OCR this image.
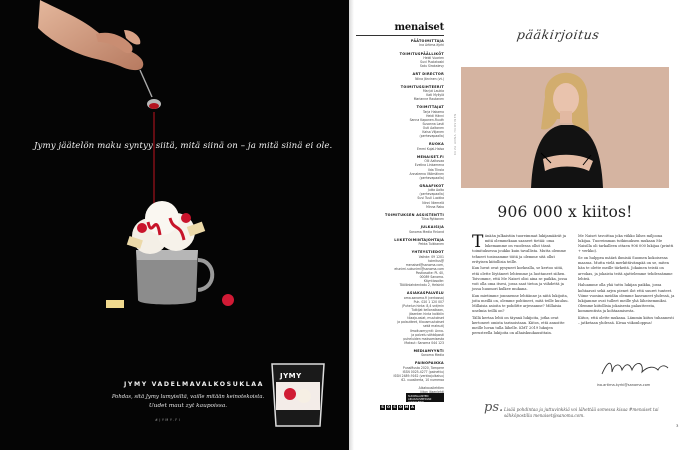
Jymy jäätelön maku syntyy siitä, mitä siinä on – ja mitä siinä ei ole.
JYMY VADELMAVALKOSUKLAA
Pohdas, sitä Jymy lumyisiltä, vaille mitään keinotekoista.
Uudet maut zyt kaupoissa.
#JYMY.FI
JYMY
menaiset
PÄÄTOIMITTAJA
Ina Artima-Kyrki
TOIMITUSPÄÄLLIKÖT
Heidi Vuorien
Suvi Puolakoski
Satu Sirakalevy
ART DIRECTOR
Niina Järvinen (vt.)
TOIMITUSSIHTEERIT
Marjut Laukia
Kati Myllylä
Marianne Rautanen
TOIMITTAJAT
Tarja Hakamo
Heidi Hänni
Sanna Kaponen-Ruuth
Susanna Lasti
Outi Aaltonen
Kaisa Viljanen
(perhevapaalla)
RUOKA
Emmi Kujal-Halsa
MENAISET.FI
Olli Aaltovaa
Evelina Linkamena
Ilda Tiirola
Annaleena Välimäinen
(perhevapaalla)
GRAAFIKOT
Jutta Aalto
(perhevapaalla)
Suvi Tuuli Luokka
Ninni Niemelä
Minna Rako
TOIMITUKSEN ASSISTENTTI
Tiina Rytkonen
JULKAISIJA
Sanoma Media Finland
LIIKETOIMINTAJOHTAJA
Pekka Tuikkanen
YHTEYSTIEDOT
Vaihde: 09 1201
toimitus@
menaiset@sanoma.com,
etunimi.sukunimi@sanoma.com
Postiosoite: PL 40,
00089 Sanoma.
Käyntiosoite:
Töölönlahdenkatu 2, Helsinki
ASIAKASPALVELU
oma.sanoma.fi (verkossa)
Puh. 020 1 120 007
(Puhelun hinta: 8,4 snt/min
Tutkijat kellonaikaan,
jäsenten hinta kaikkiin
tilaaja-asiat, muutokset
ja palautteet, tilausmuutokset
sekä maksut)
Ilmoitusmyynti: Anna-
ja palvelu sähköposti
puheluiden maksamisesta
Maksut: Sanoma 044 123
MEDIAMYYNTI
Sanoma Media
PAINOPAIKKA
PunaMusta 2020, Tampere
ISSN 0025-4277 (painettu)
ISSN 2489-9162 (verkkojulkaisu)
62. vuosikerta, 10 numeroa
Aikakausilehtien
SUOMALAISTEN AIKAKAUSMEDIAN LUKIJALEHTI
S O S O M A
pääkirjoitus
KUVA ANNA HUOVINEN
906 000 x kiitos!

Tänään julkaistiin tuoreimmat lukijamäärät ja mitä olemmekaan saaneet tietää: oma lukemamme on vuodessa ollut tässä toimituksessa joukko kuin tavallista. Mutta olemme tehneet tosissamme töitä ja olemme sitä ollut erityisen kiitollisia teille.

Kun luvut ovat pysyneet korkealla, se kertoo siitä, että olette löytäneet lehtemme ja luottaneet siihen. Toivomme, että Me Naiset olisi aina se paikka, jossa voit olla oma itsesi, jossa saat tietoa ja viihdettä ja jossa huumori kulkee mukana.

Kun mietimme jonnnenne lehtiänne ja niitä lukijoita, joita meillä on, olemme pohtineet, mitä teille kuuluu. Millaisia asioita te pohditte arjessanne? Millaisia unelmia teillä on?

Tällä kertaa lehti on täynnä lukijoita, jotka ovat kertoneet omista tarinoistaan. Kiitos, että annoitte meille luvan tulla lähelle. KMT 2019 lukujen perusteella lukijoita on alhaiskuukausittain.

Me Naiset tavoittaa joka viikko lähes miljoona lukijaa. Tuoreimman tutkimuksen mukaan Me Naisilla oli tarkalleen ottaen 906 000 lukijaa (printti + verkko).

Se on hulppea määrä ihmisiä Suomen kokoisessa maassa. Mutta vielä merkittävämpää on se, miten hän te olette meille tärkeitä. Jokainen teistä on arvokas, ja jokaista teitä ajattelemme tehdessämme lehteä.

Haluamme olla yhä tuttu lukijan paikka, jossa kohtaavat sekä arjen pienet ilot että suuret tunteet. Viime vuosina meidän olemme kasvaneet yhdessä, ja lukijamme ovat tulleet meille yhä läheisemmiksi. Olemme kiitollisia jokaisesta palautteesta, kommentista ja kohtaamisesta.

Kiitos, että olette mukana. Lämmin kiitos tuhannesti – jatketaan yhdessä. Kivaa viikonloppua!

ina.artima-kyrki@sanoma.com
ps. Lisää pohdintaa ja juttuvinkkiä voi lähettää somessa kisaa #menaiset tai sähköpostilla menaiset@sanoma.com.
3
